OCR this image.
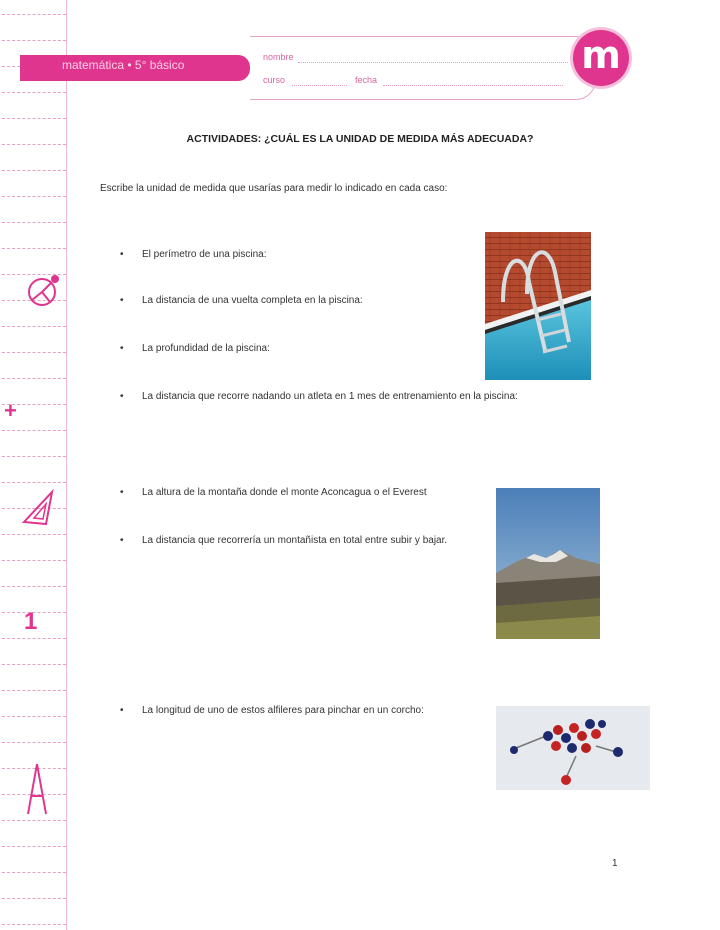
+
1
matemática • 5° básico
nombre
curso	fecha
m
ACTIVIDADES: ¿CUÁL ES LA UNIDAD DE MEDIDA MÁS ADECUADA?
Escribe la unidad de medida que usarías para medir lo indicado en cada caso:
• El perímetro de una piscina:
• La distancia de una vuelta completa en la piscina:
• La profundidad de la piscina:
• La distancia que recorre nadando un atleta en 1 mes de entrenamiento en la piscina:
• La altura de la montaña donde el monte Aconcagua o el Everest
• La distancia que recorrería un montañista en total entre subir y bajar.
• La longitud de uno de estos alfileres para pinchar en un corcho:
1
